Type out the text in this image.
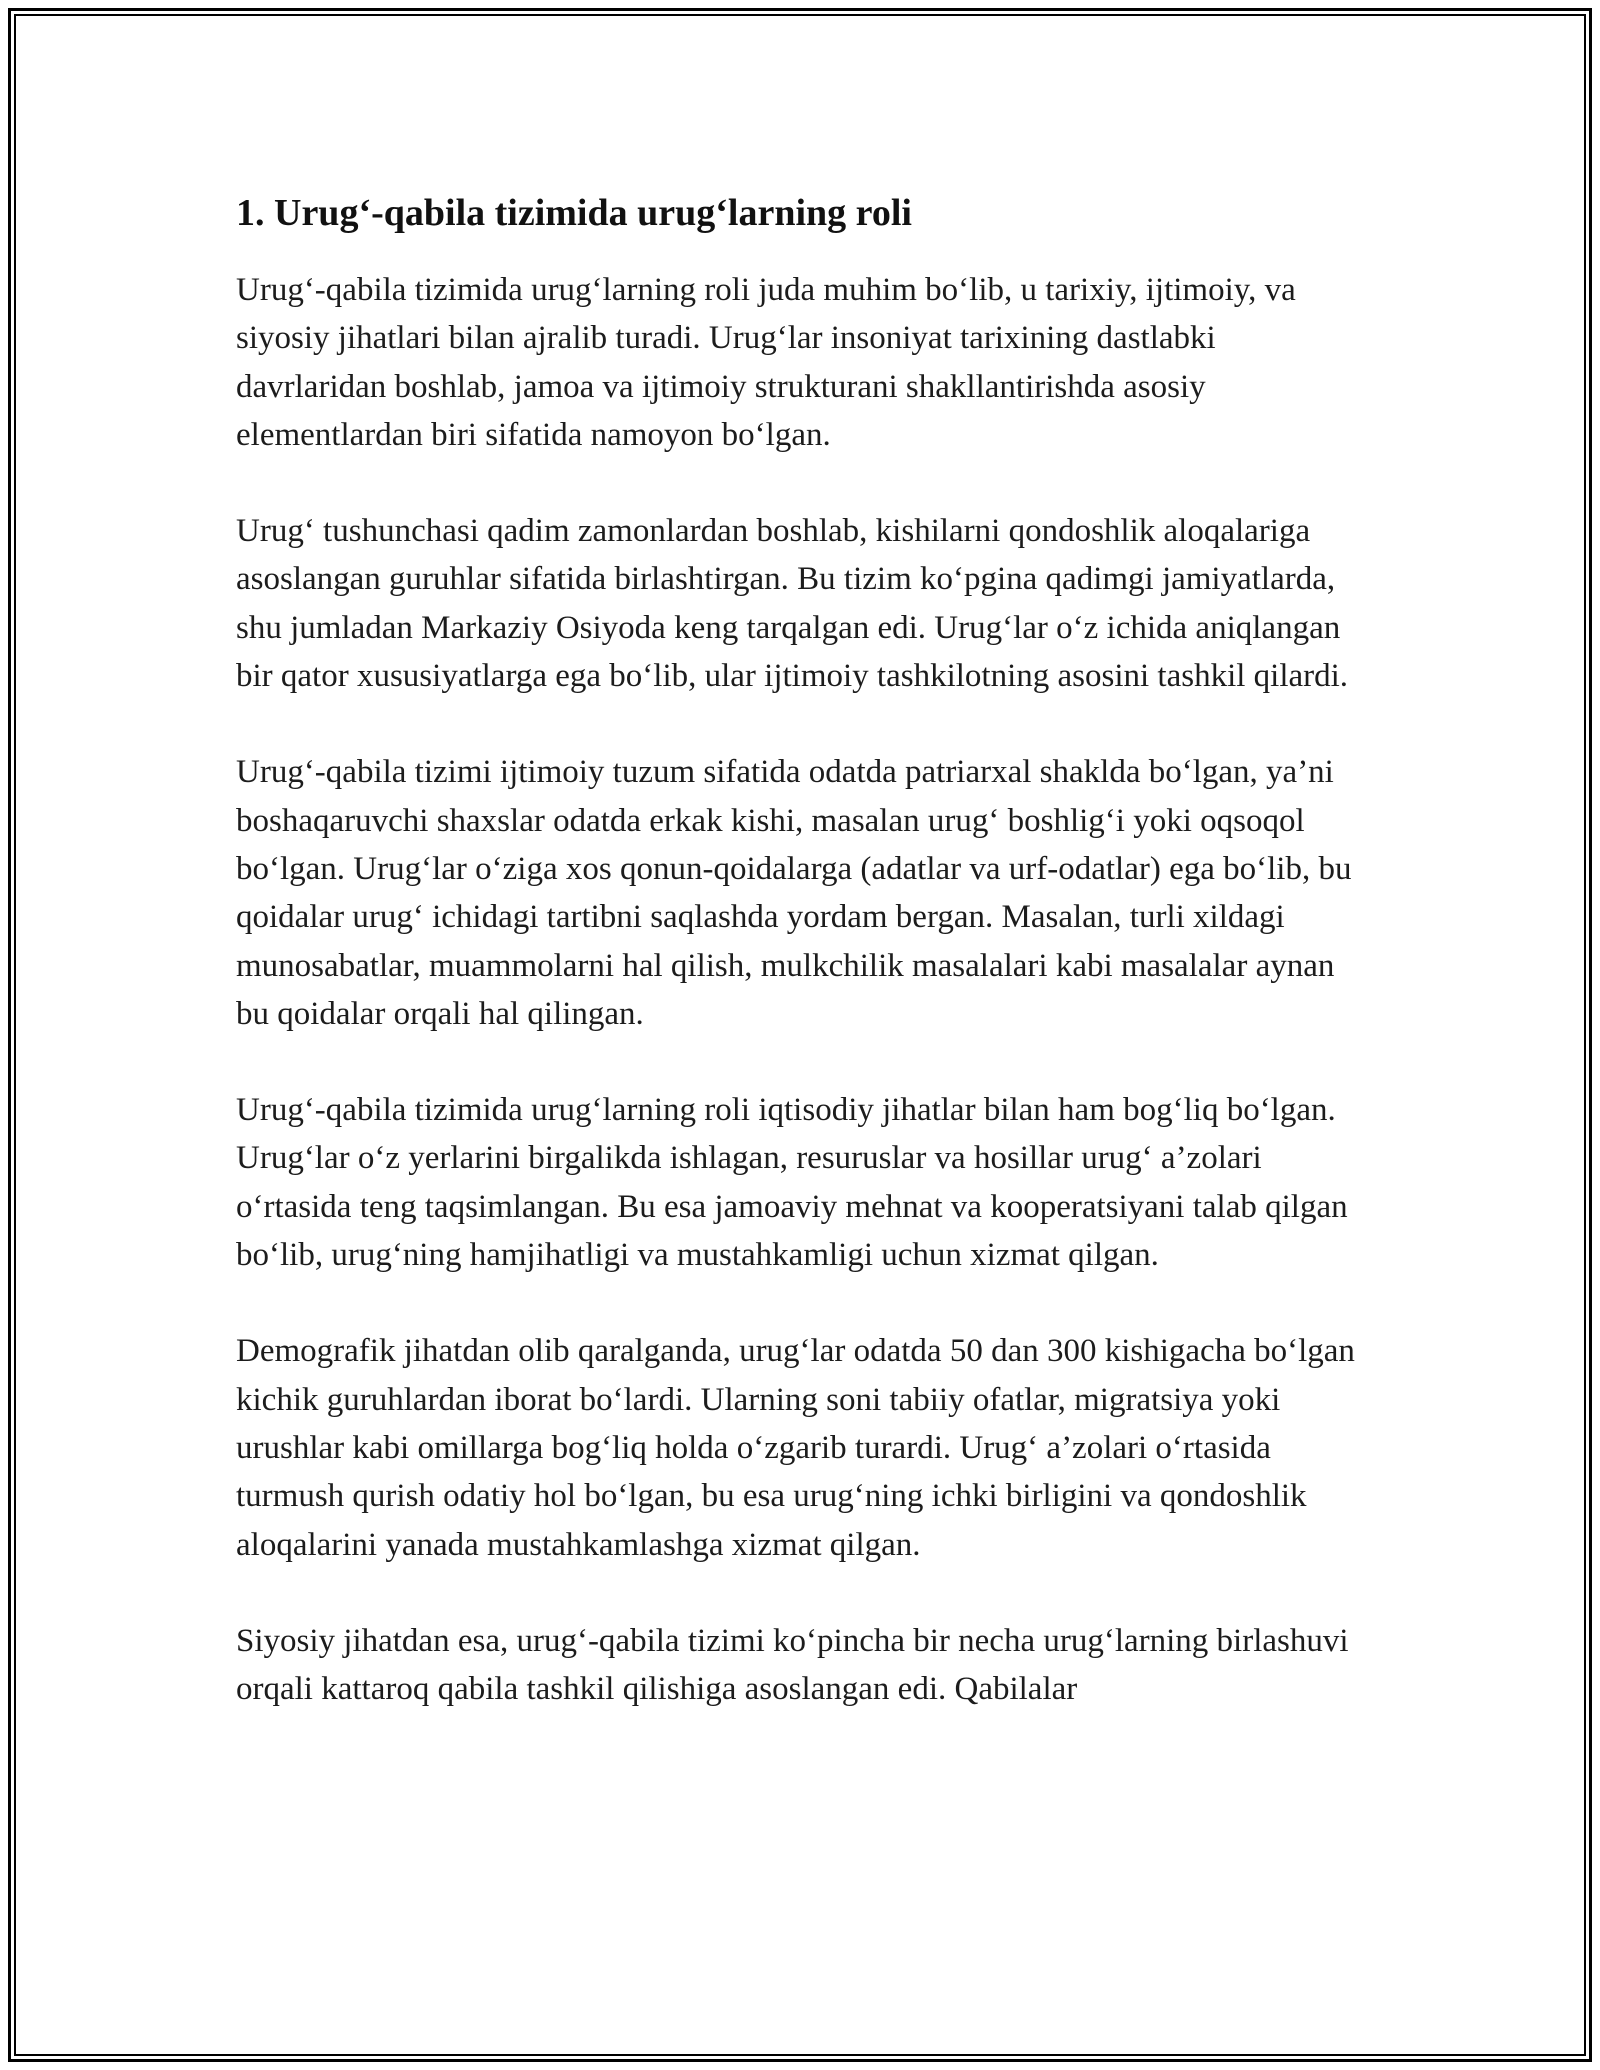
1. Urug‘-qabila tizimida urug‘larning roli

Urug‘-qabila tizimida urug‘larning roli juda muhim bo‘lib, u tarixiy, ijtimoiy, va siyosiy jihatlari bilan ajralib turadi. Urug‘lar insoniyat tarixining dastlabki davrlaridan boshlab, jamoa va ijtimoiy strukturani shakllantirishda asosiy elementlardan biri sifatida namoyon bo‘lgan.

Urug‘ tushunchasi qadim zamonlardan boshlab, kishilarni qondoshlik aloqalariga asoslangan guruhlar sifatida birlashtirgan. Bu tizim ko‘pgina qadimgi jamiyatlarda, shu jumladan Markaziy Osiyoda keng tarqalgan edi. Urug‘lar o‘z ichida aniqlangan bir qator xususiyatlarga ega bo‘lib, ular ijtimoiy tashkilotning asosini tashkil qilardi.

Urug‘-qabila tizimi ijtimoiy tuzum sifatida odatda patriarxal shaklda bo‘lgan, ya’ni boshaqaruvchi shaxslar odatda erkak kishi, masalan urug‘ boshlig‘i yoki oqsoqol bo‘lgan. Urug‘lar o‘ziga xos qonun-qoidalarga (adatlar va urf-odatlar) ega bo‘lib, bu qoidalar urug‘ ichidagi tartibni saqlashda yordam bergan. Masalan, turli xildagi munosabatlar, muammolarni hal qilish, mulkchilik masalalari kabi masalalar aynan bu qoidalar orqali hal qilingan.

Urug‘-qabila tizimida urug‘larning roli iqtisodiy jihatlar bilan ham bog‘liq bo‘lgan. Urug‘lar o‘z yerlarini birgalikda ishlagan, resuruslar va hosillar urug‘ a’zolari o‘rtasida teng taqsimlangan. Bu esa jamoaviy mehnat va kooperatsiyani talab qilgan bo‘lib, urug‘ning hamjihatligi va mustahkamligi uchun xizmat qilgan.

Demografik jihatdan olib qaralganda, urug‘lar odatda 50 dan 300 kishigacha bo‘lgan kichik guruhlardan iborat bo‘lardi. Ularning soni tabiiy ofatlar, migratsiya yoki urushlar kabi omillarga bog‘liq holda o‘zgarib turardi. Urug‘ a’zolari o‘rtasida turmush qurish odatiy hol bo‘lgan, bu esa urug‘ning ichki birligini va qondoshlik aloqalarini yanada mustahkamlashga xizmat qilgan.

Siyosiy jihatdan esa, urug‘-qabila tizimi ko‘pincha bir necha urug‘larning birlashuvi orqali kattaroq qabila tashkil qilishiga asoslangan edi. Qabilalar
